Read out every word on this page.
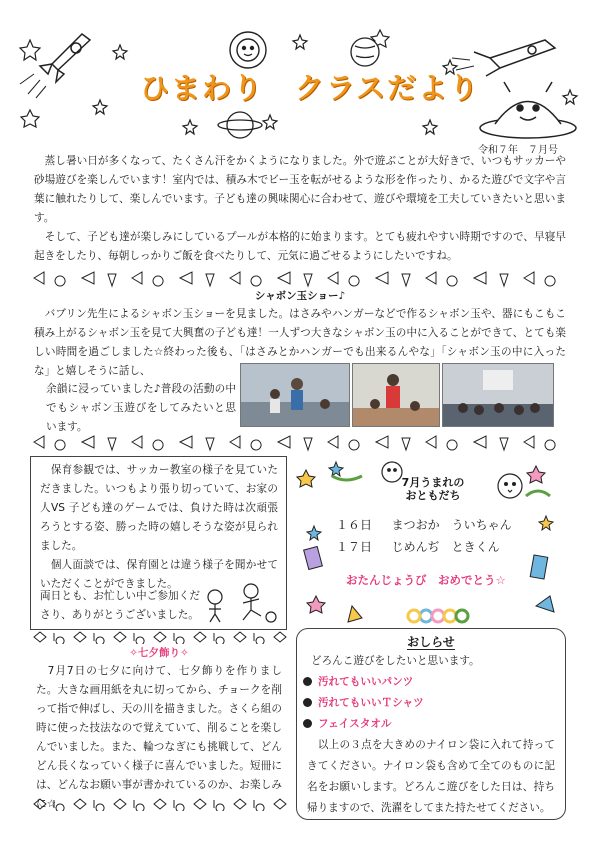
ひまわり　クラスだより
令和７年　７月号
　蒸し暑い日が多くなって、たくさん汗をかくようになりました。外で遊ぶことが大好きで、いつもサッカーや砂場遊びを楽しんでいます！室内では、積み木でビー玉を転がせるような形を作ったり、かるた遊びで文字や言葉に触れたりして、楽しんでいます。子ども達の興味関心に合わせて、遊びや環境を工夫していきたいと思います。
　そして、子ども達が楽しみにしているプールが本格的に始まります。とても疲れやすい時期ですので、早寝早起きをしたり、毎朝しっかりご飯を食べたりして、元気に過ごせるようにしたいですね。
シャボン玉ショー♪
　バブリン先生によるシャボン玉ショーを見ました。はさみやハンガーなどで作るシャボン玉や、器にもこもこ積み上がるシャボン玉を見て大興奮の子ども達！一人ずつ大きなシャボン玉の中に入ることができて、とても楽しい時間を過ごしました☆終わった後も、「はさみとかハンガーでも出来るんやな」「シャボン玉の中に入ったな」と嬉しそうに話し、
余韻に浸っていました♪普段の活動の中でもシャボン玉遊びをしてみたいと思います。
　保育参観では、サッカー教室の様子を見ていただきました。いつもより張り切っていて、お家の人VS 子ども達のゲームでは、負けた時は次頑張ろうとする姿、勝った時の嬉しそうな姿が見られました。
　個人面談では、保育園とは違う様子を聞かせていただくことができました。
両日とも、お忙しい中ご参加くださり、ありがとうございました。
7月うまれの
おともだち
１６日 まつおか　ういちゃん
１７日 じめんぢ　ときくん
おたんじょうび　おめでとう☆
✧七夕飾り✧
　7月7日の七夕に向けて、七夕飾りを作りました。大きな画用紙を丸に切ってから、チョークを削って指で伸ばし、天の川を描きました。さくら組の時に使った技法なので覚えていて、削ることを楽しんでいました。また、輪つなぎにも挑戦して、どんどん長くなっていく様子に喜んでいました。短冊には、どんなお願い事が書かれているのか、お楽しみに☆
おしらせ
どろんこ遊びをしたいと思います。
汚れてもいいパンツ
汚れてもいいＴシャツ
フェイスタオル
　以上の３点を大きめのナイロン袋に入れて持ってきてください。ナイロン袋も含めて全てのものに記名をお願いします。どろんこ遊びをした日は、持ち帰りますので、洗濯をしてまた持たせてください。
